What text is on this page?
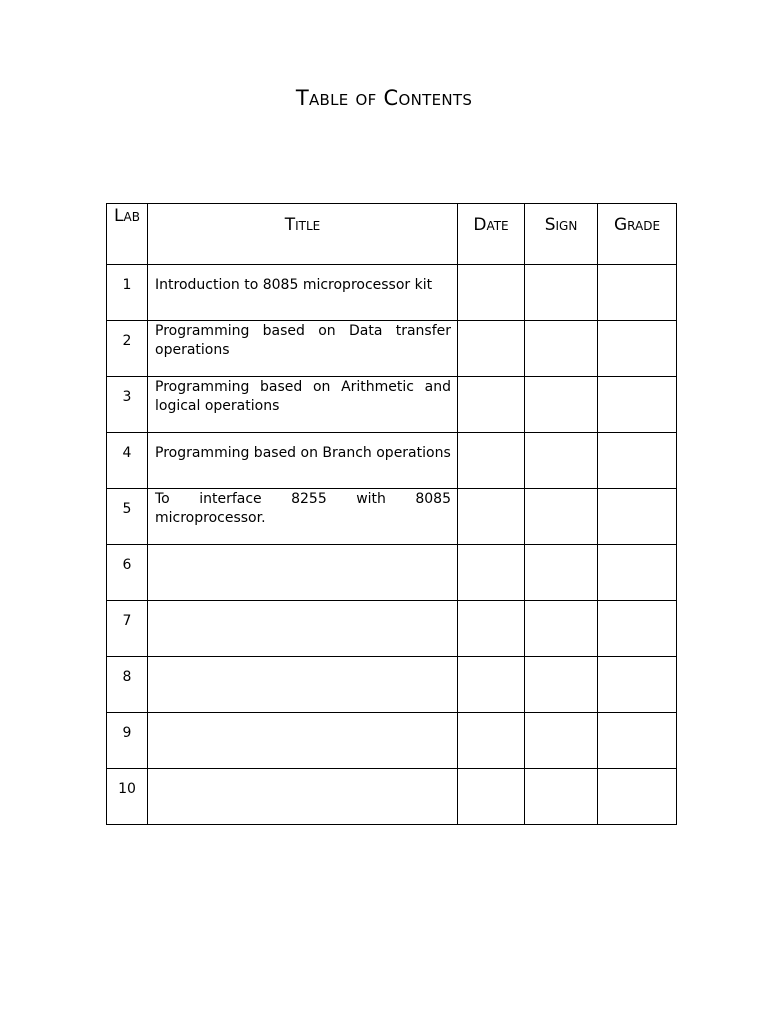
Table of Contents
Lab	Title	Date	Sign	Grade

1	Introduction to 8085 microprocessor kit			

2	Programming based on Data transfer operations			

3	Programming based on Arithmetic and logical operations			

4	Programming based on Branch operations			

5	To interface 8255 with 8085 microprocessor.			

6				

7				

8				

9				

10				
